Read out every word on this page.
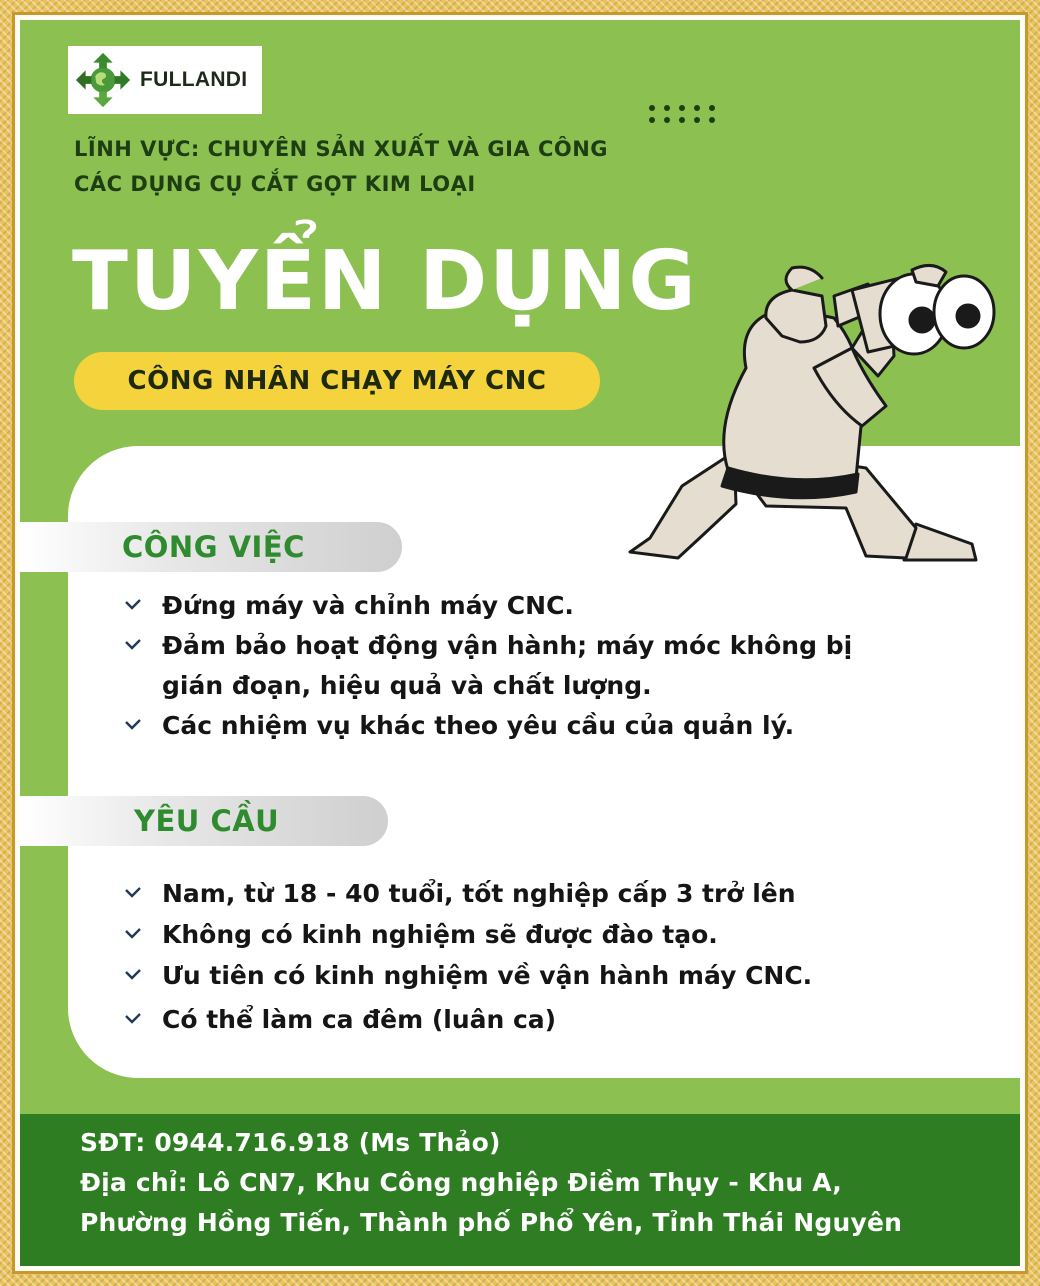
FULLANDI
LĨNH VỰC: CHUYÊN SẢN XUẤT VÀ GIA CÔNG
CÁC DỤNG CỤ CẮT GỌT KIM LOẠI
TUYỂN DỤNG
CÔNG NHÂN CHẠY MÁY CNC
CÔNG VIỆC
Đứng máy và chỉnh máy CNC.
Đảm bảo hoạt động vận hành; máy móc không bị
gián đoạn, hiệu quả và chất lượng.
Các nhiệm vụ khác theo yêu cầu của quản lý.
YÊU CẦU
Nam, từ 18 - 40 tuổi, tốt nghiệp cấp 3 trở lên
Không có kinh nghiệm sẽ được đào tạo.
Ưu tiên có kinh nghiệm về vận hành máy CNC.
Có thể làm ca đêm (luân ca)
SĐT: 0944.716.918 (Ms Thảo)
Địa chỉ: Lô CN7, Khu Công nghiệp Điềm Thụy - Khu A,
Phường Hồng Tiến, Thành phố Phổ Yên, Tỉnh Thái Nguyên
